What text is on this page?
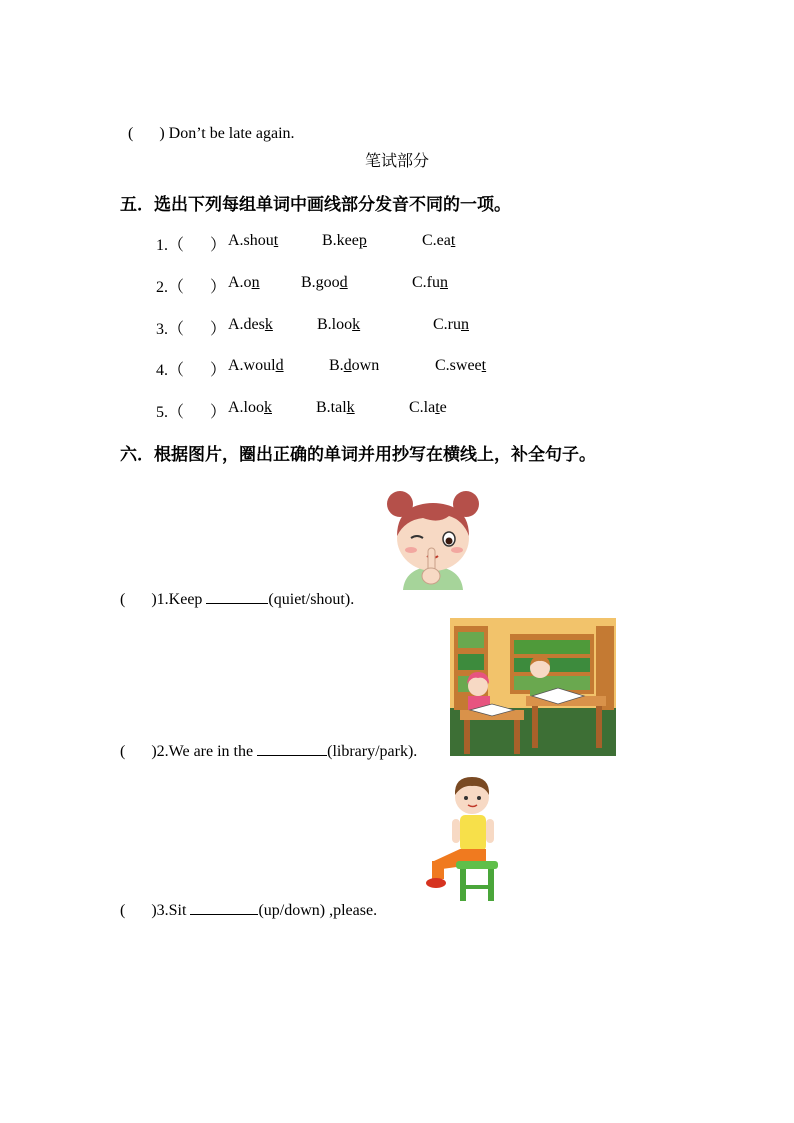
( ) Don’t be late again.

笔试部分
五．选出下列每组单词中画线部分发音不同的一项。
1.（ ） A.shout	B.keep	C.eat
2.（ ） A.on	B.good	C.fun
3.（ ） A.desk	B.look	C.run
4.（ ） A.would	B.down	C.sweet
5.（ ） A.look	B.talk	C.late
六．根据图片，圈出正确的单词并用抄写在横线上，补全句子。
( )1.Keep	(quiet/shout).
( )2.We are in the	(library/park).
( )3.Sit	(up/down) ,please.
